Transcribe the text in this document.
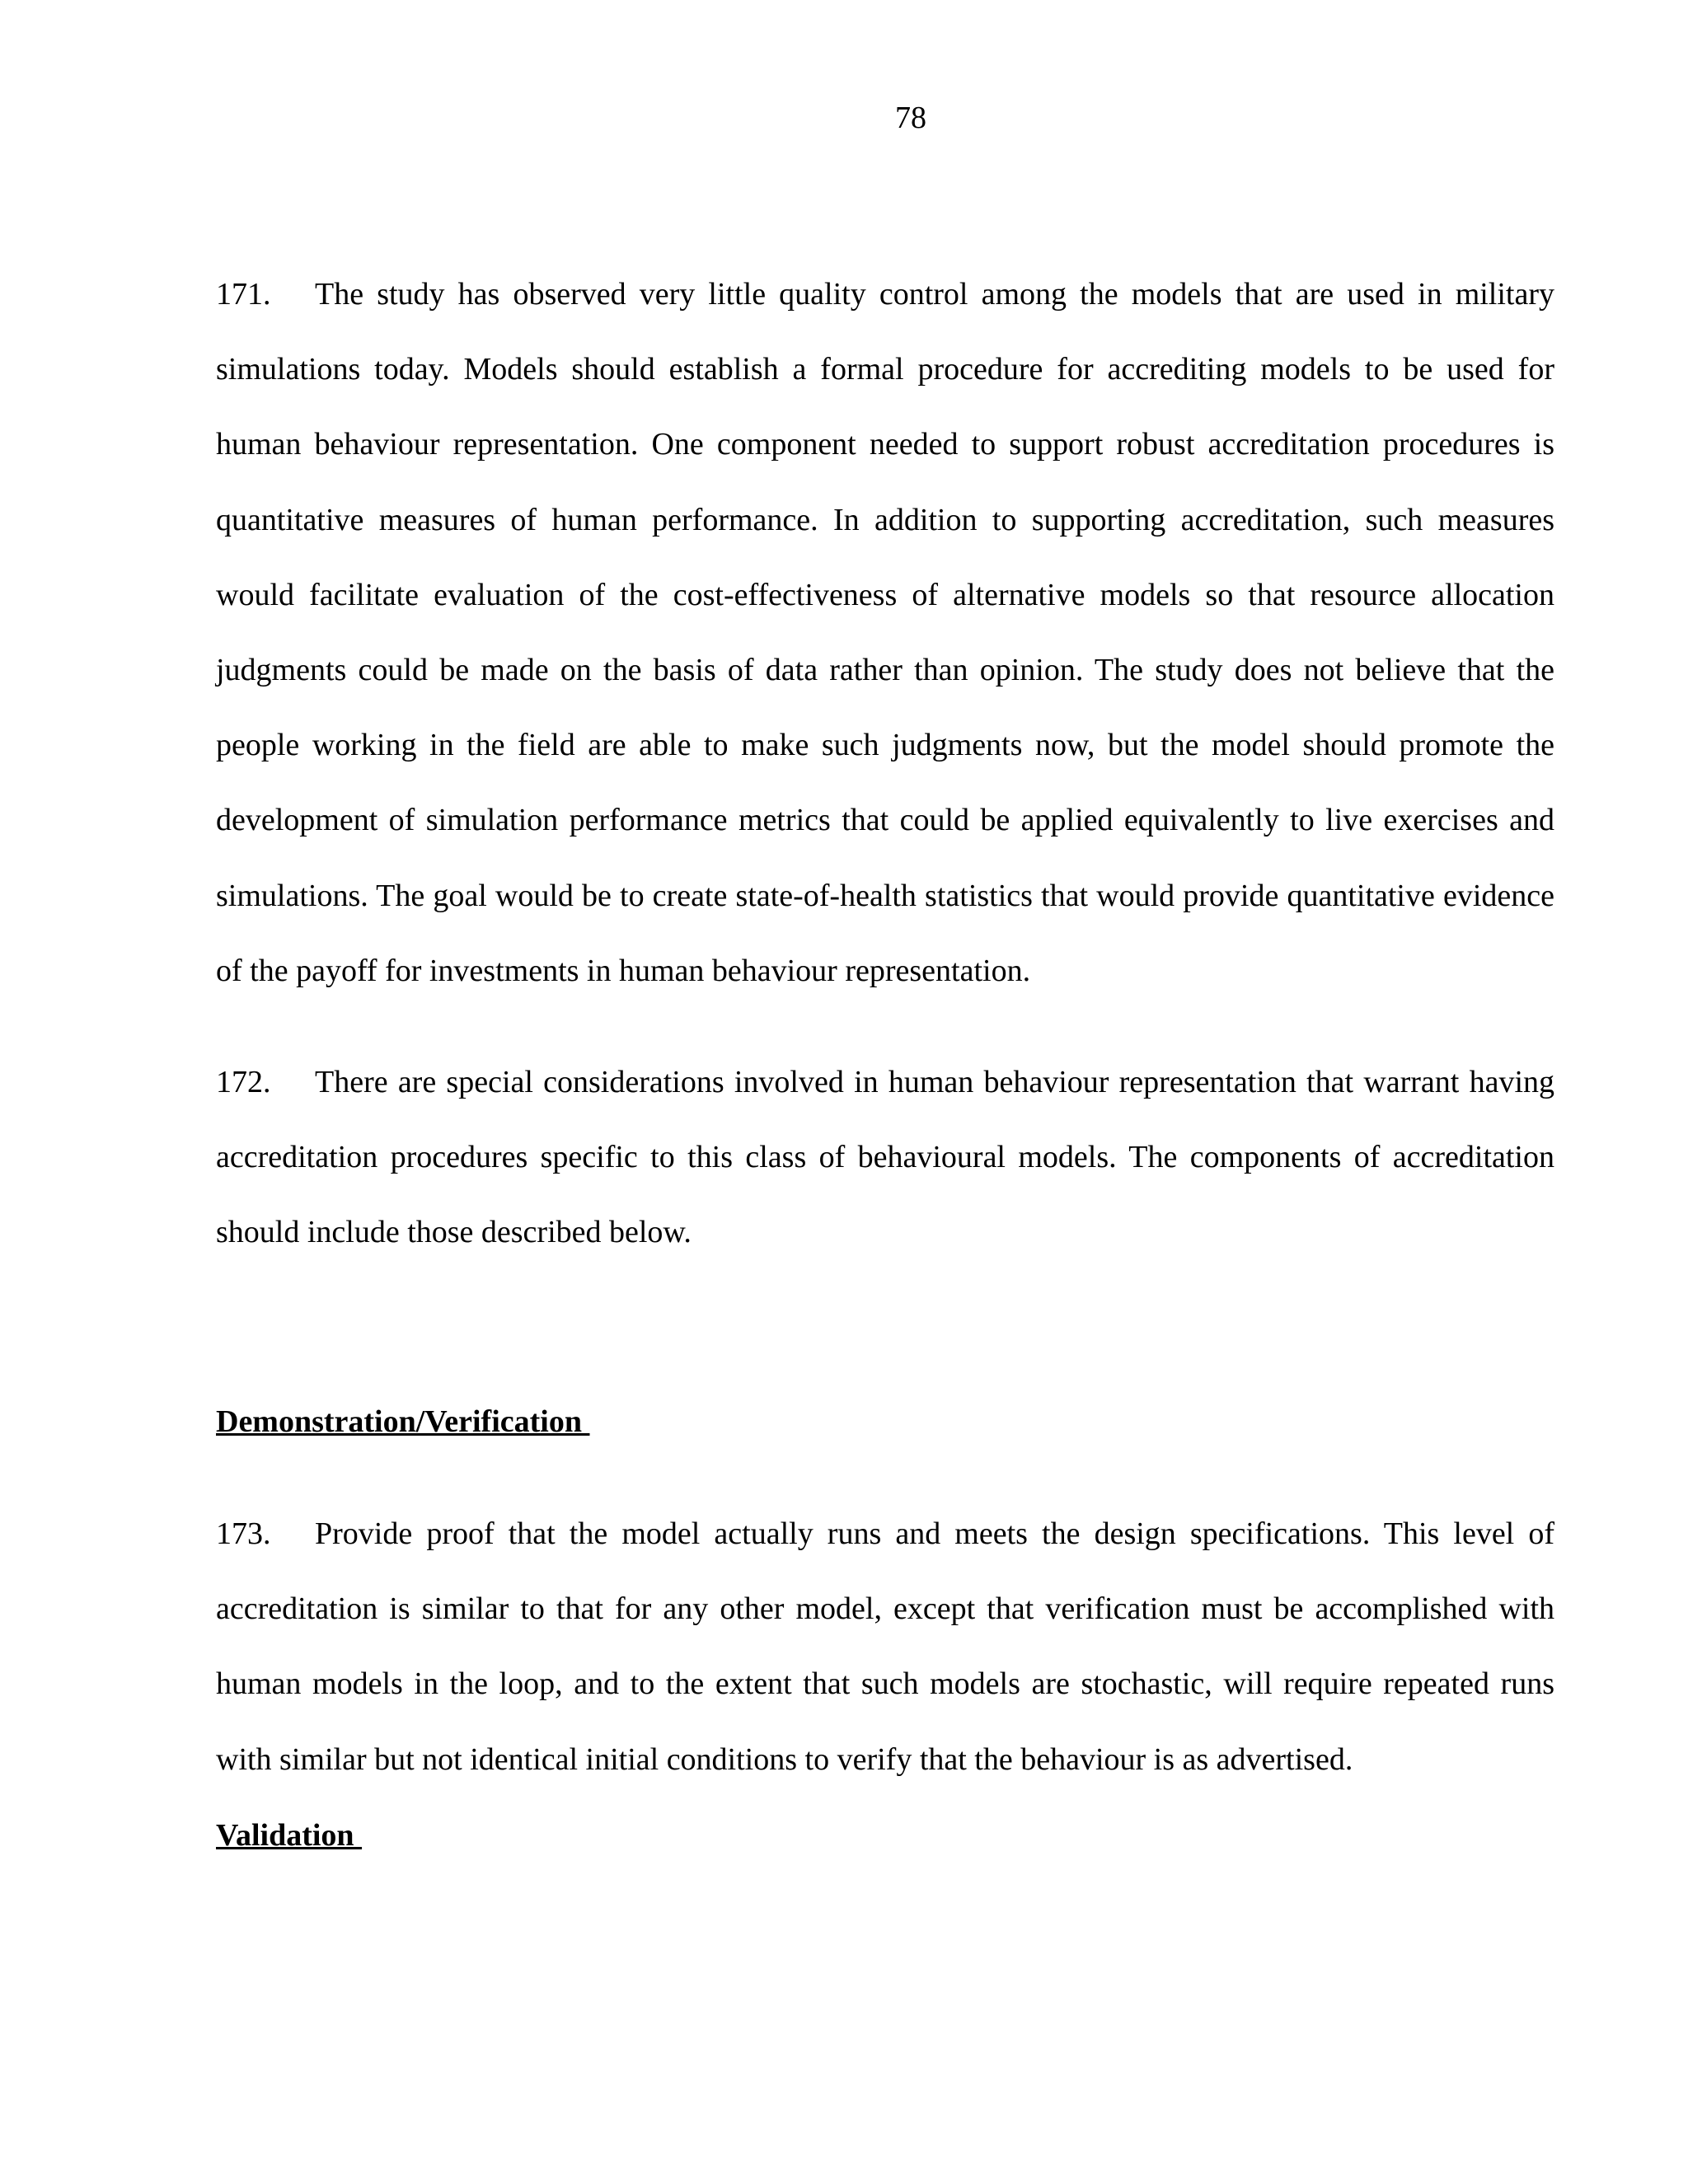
78

171. The study has observed very little quality control among the models that are used in military simulations today. Models should establish a formal procedure for accrediting models to be used for human behaviour representation. One component needed to support robust accreditation procedures is quantitative measures of human performance. In addition to supporting accreditation, such measures would facilitate evaluation of the cost-effectiveness of alternative models so that resource allocation judgments could be made on the basis of data rather than opinion. The study does not believe that the people working in the field are able to make such judgments now, but the model should promote the development of simulation performance metrics that could be applied equivalently to live exercises and simulations. The goal would be to create state-of-health statistics that would provide quantitative evidence of the payoff for investments in human behaviour representation.

172. There are special considerations involved in human behaviour representation that warrant having accreditation procedures specific to this class of behavioural models. The components of accreditation should include those described below.

Demonstration/Verification

173. Provide proof that the model actually runs and meets the design specifications. This level of accreditation is similar to that for any other model, except that verification must be accomplished with human models in the loop, and to the extent that such models are stochastic, will require repeated runs with similar but not identical initial conditions to verify that the behaviour is as advertised.

Validation
